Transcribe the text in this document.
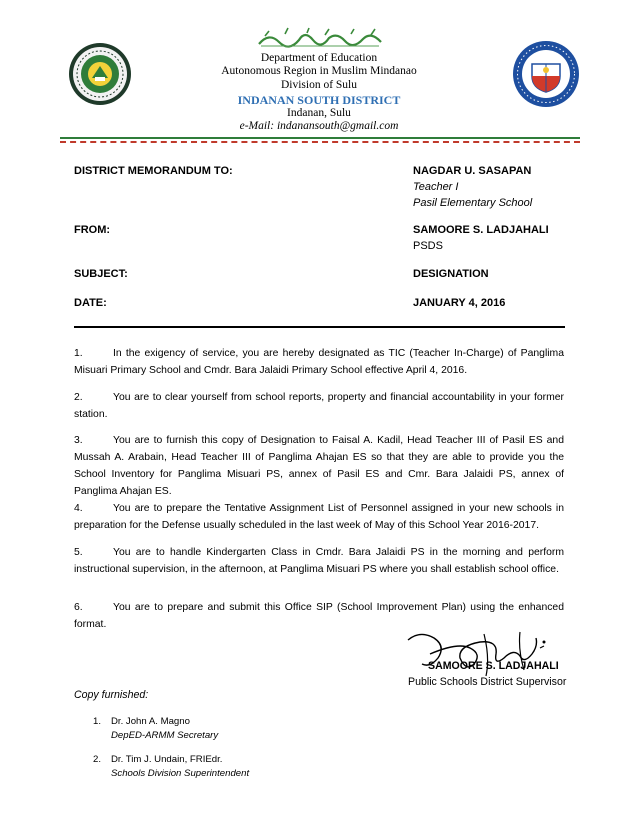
Department of Education
Autonomous Region in Muslim Mindanao
Division of Sulu
INDANAN SOUTH DISTRICT
Indanan, Sulu
e-Mail: indanansouth@gmail.com
DISTRICT MEMORANDUM TO:	NAGDAR U. SASAPAN
Teacher I
Pasil Elementary School
FROM:	SAMOORE S. LADJAHALI
PSDS
SUBJECT:	DESIGNATION
DATE:	JANUARY 4, 2016
1.	In the exigency of service, you are hereby designated as TIC (Teacher In-Charge) of Panglima Misuari Primary School and Cmdr. Bara Jalaidi Primary School effective April 4, 2016.
2.	You are to clear yourself from school reports, property and financial accountability in your former station.
3.	You are to furnish this copy of Designation to Faisal A. Kadil, Head Teacher III of Pasil ES and Mussah A. Arabain, Head Teacher III of Panglima Ahajan ES so that they are able to provide you the School Inventory for Panglima Misuari PS, annex of Pasil ES and Cmr. Bara Jalaidi PS, annex of Panglima Ahajan ES.
4.	You are to prepare the Tentative Assignment List of Personnel assigned in your new schools in preparation for the Defense usually scheduled in the last week of May of this School Year 2016-2017.
5.	You are to handle Kindergarten Class in Cmdr. Bara Jalaidi PS in the morning and perform instructional supervision, in the afternoon, at Panglima Misuari PS where you shall establish school office.
6.	You are to prepare and submit this Office SIP (School Improvement Plan) using the enhanced format.
SAMOORE S. LADJAHALI
Public Schools District Supervisor
Copy furnished:
1. Dr. John A. Magno
DepED-ARMM Secretary
2. Dr. Tim J. Undain, FRIEdr.
Schools Division Superintendent
